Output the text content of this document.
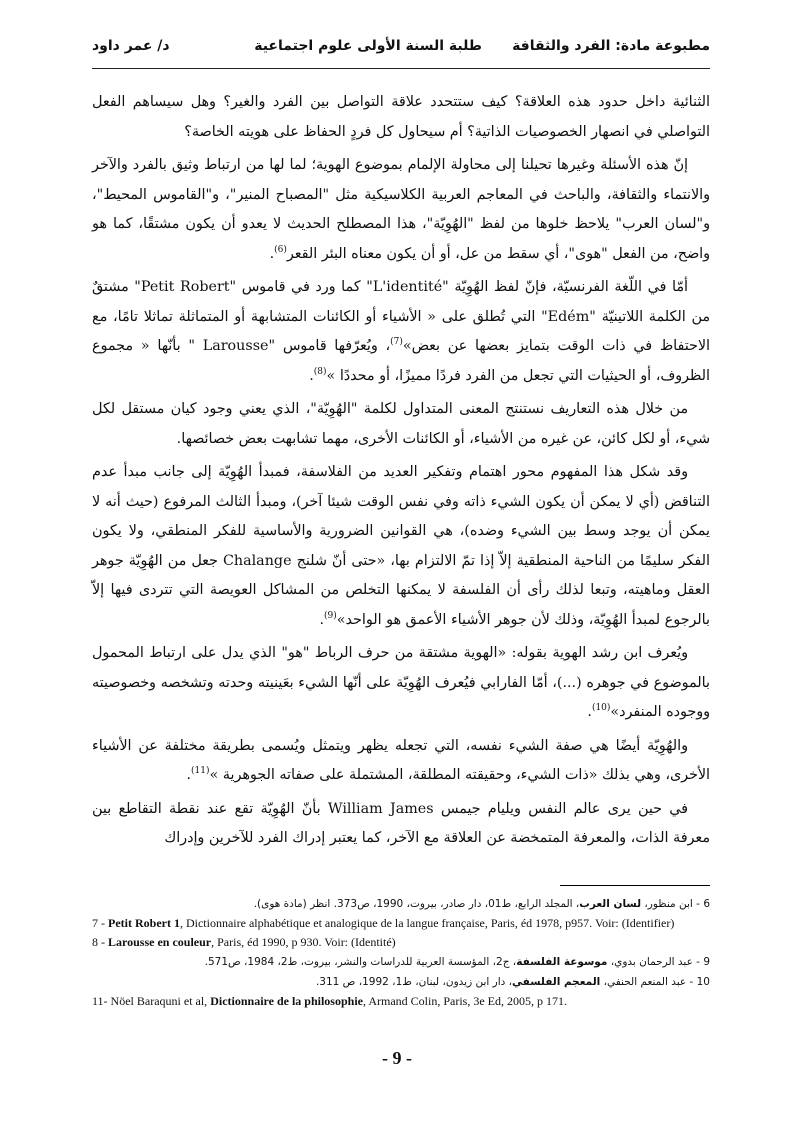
مطبوعة مادة: الفرد والثقافة
طلبة السنة الأولى علوم اجتماعية
د/ عمر داود

الثنائية داخل حدود هذه العلاقة؟ كيف ستتحدد علاقة التواصل بين الفرد والغير؟ وهل سيساهم الفعل التواصلي في انصهار الخصوصيات الذاتية؟ أم سيحاول كل فردٍ الحفاظ على هويته الخاصة؟

إنّ هذه الأسئلة وغيرها تحيلنا إلى محاولة الإلمام بموضوع الهوية؛ لما لها من ارتباط وثيق بالفرد والآخر والانتماء والثقافة، والباحث في المعاجم العربية الكلاسيكية مثل "المصباح المنير"، و"القاموس المحيط"، و"لسان العرب" يلاحظ خلوها من لفظ "الهُوِيّة"، هذا المصطلح الحديث لا يعدو أن يكون مشتقًا، كما هو واضح، من الفعل "هوى"، أي سقط من عل، أو أن يكون معناه البئر القعر$^{(6)}$.

أمّا في اللّغة الفرنسيّة، فإنّ لفظ الهُوِيّة "L'identité" كما ورد في قاموس "Petit Robert" مشتقٌ من الكلمة اللاتينيّة "Edém" التي تُطلق على « الأشياء أو الكائنات المتشابهة أو المتماثلة تماثلا تامًا، مع الاحتفاظ في ذات الوقت بتمايز بعضها عن بعض»$^{(7)}$، ويُعرّفها قاموس "Larousse " بأنّها « مجموع الظروف، أو الحيثيات التي تجعل من الفرد فردًا مميزًا، أو محددًا »$^{(8)}$.

من خلال هذه التعاريف نستنتج المعنى المتداول لكلمة "الهُوِيّة"، الذي يعني وجود كيان مستقل لكل شيء، أو لكل كائن، عن غيره من الأشياء، أو الكائنات الأخرى، مهما تشابهت بعض خصائصها.

وقد شكل هذا المفهوم محور اهتمام وتفكير العديد من الفلاسفة، فمبدأ الهُوِيّة إلى جانب مبدأ عدم التناقض (أي لا يمكن أن يكون الشيء ذاته وفي نفس الوقت شيئا آخر)، ومبدأ الثالث المرفوع (حيث أنه لا يمكن أن يوجد وسط بين الشيء وضده)، هي القوانين الضرورية والأساسية للفكر المنطقي، ولا يكون الفكر سليمًا من الناحية المنطقية إلاّ إذا تمّ الالتزام بها، «حتى أنّ شلنج Chalange جعل من الهُوِيّة جوهر العقل وماهيته، وتبعا لذلك رأى أن الفلسفة لا يمكنها التخلص من المشاكل العويصة التي تتردى فيها إلاّ بالرجوع لمبدأ الهُوِيّة، وذلك لأن جوهر الأشياء الأعمق هو الواحد»$^{(9)}$.

ويُعرف ابن رشد الهوية بقوله: «الهوية مشتقة من حرف الرباط "هو" الذي يدل على ارتباط المحمول بالموضوع في جوهره (...)، أمّا الفارابي فيُعرف الهُوِيّة على أنّها الشيء بعَينيته وحدته وتشخصه وخصوصيته ووجوده المنفرد»$^{(10)}$.

والهُوِيّة أيضًا هي صفة الشيء نفسه، التي تجعله يظهر ويتمثل ويُسمى بطريقة مختلفة عن الأشياء الأخرى، وهي بذلك «ذات الشيء، وحقيقته المطلقة، المشتملة على صفاته الجوهرية »$^{(11)}$.

في حين يرى عالم النفس ويليام جيمس William James بأنّ الهُوِيّة تقع عند نقطة التقاطع بين معرفة الذات، والمعرفة المتمخضة عن العلاقة مع الآخر، كما يعتبر إدراك الفرد للآخرين وإدراك

6 - ابن منظور، لسان العرب، المجلد الرابع، ط01، دار صادر، بيروت، 1990، ص373. انظر (مادة هوى).
7 - Petit Robert 1, Dictionnaire alphabétique et analogique de la langue française, Paris, éd 1978, p957. Voir: (Identifier)
8 - Larousse en couleur, Paris, éd 1990, p 930. Voir: (Identité)
9 - عبد الرحمان بدوي، موسوعة الفلسفة، ج2، المؤسسة العربية للدراسات والنشر، بيروت، ط2، 1984، ص571.
10 - عبد المنعم الحنفي، المعجم الفلسفي، دار ابن زيدون، لبنان، ط1، 1992، ص 311.
11- Nöel Baraquni et al, Dictionnaire de la philosophie, Armand Colin, Paris, 3e Ed, 2005, p 171.
- 9 -
